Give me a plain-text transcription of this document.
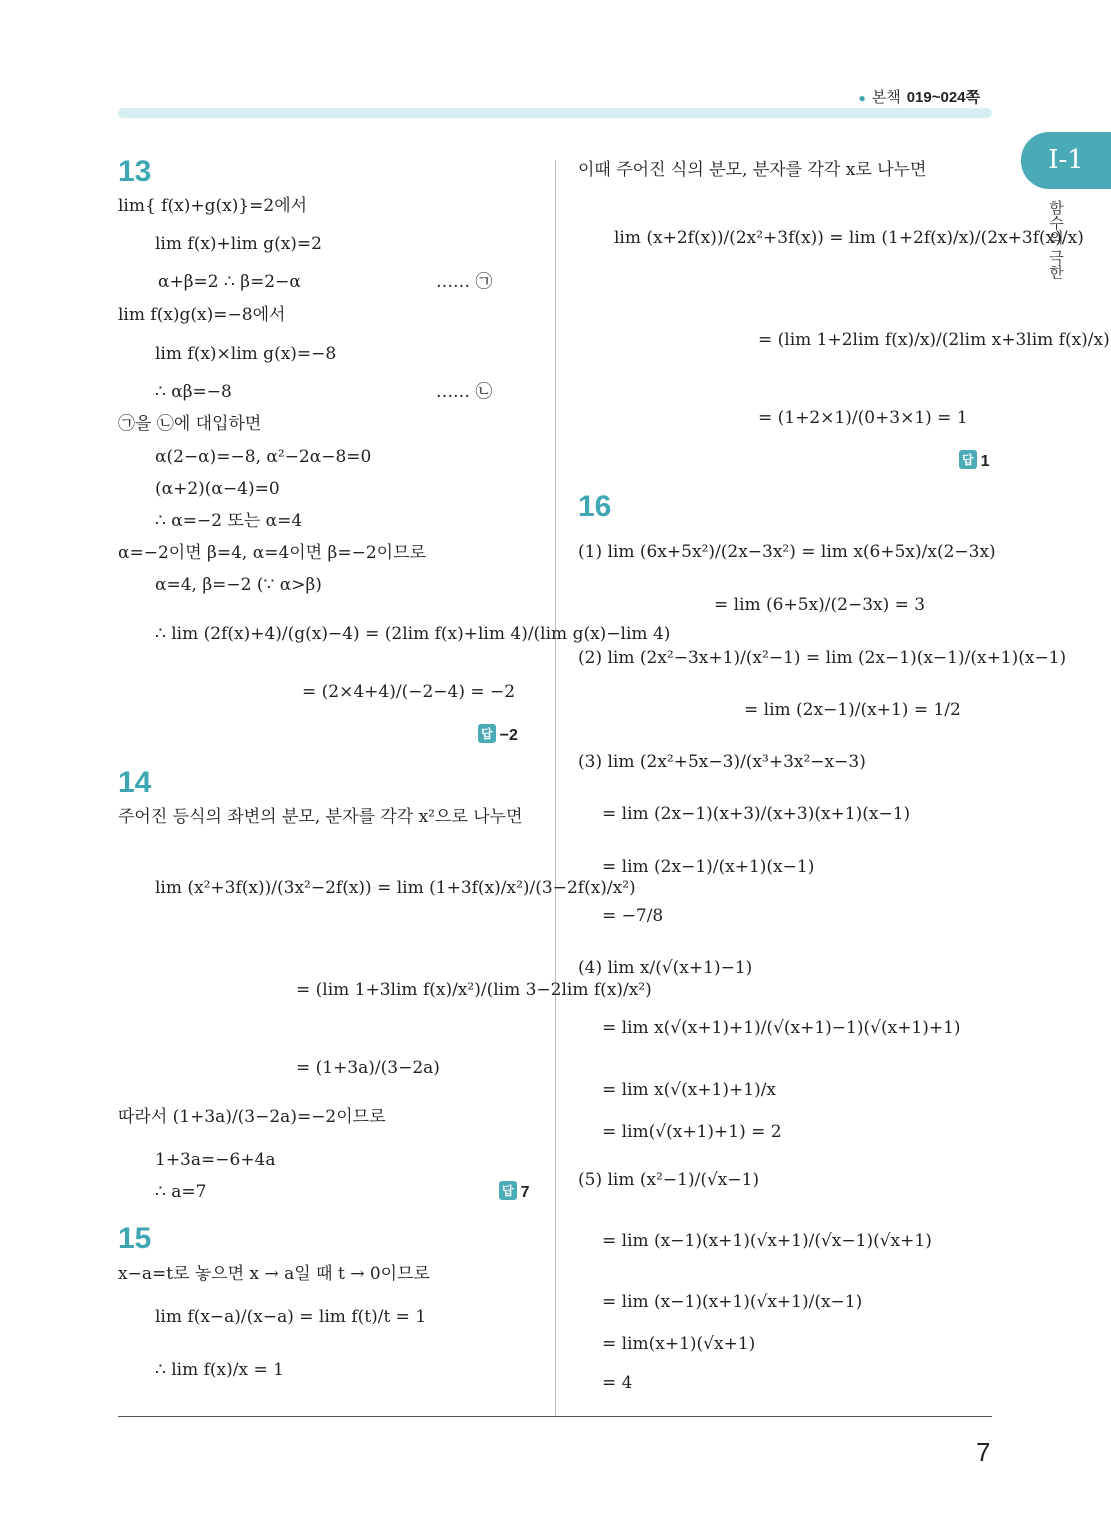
● 본책 019~024쪽
Ⅰ-1
함수의 극한
7
13
lim{ f(x)+g(x)}=2에서
lim f(x)+lim g(x)=2
α+β=2 ∴ β=2−α	…… ㉠
lim f(x)g(x)=−8에서
lim f(x)×lim g(x)=−8
∴ αβ=−8	…… ㉡
㉠을 ㉡에 대입하면
α(2−α)=−8, α²−2α−8=0
(α+2)(α−4)=0
∴ α=−2 또는 α=4
α=−2이면 β=4, α=4이면 β=−2이므로
α=4, β=−2 (∵ α>β)
∴ lim (2f(x)+4)/(g(x)−4) = (2lim f(x)+lim 4)/(lim g(x)−lim 4)
= (2×4+4)/(−2−4) = −2
답 −2
14
주어진 등식의 좌변의 분모, 분자를 각각 x²으로 나누면
lim (x²+3f(x))/(3x²−2f(x)) = lim (1+3f(x)/x²)/(3−2f(x)/x²)
= (lim 1+3lim f(x)/x²)/(lim 3−2lim f(x)/x²)
= (1+3a)/(3−2a)
따라서 (1+3a)/(3−2a)=−2이므로
1+3a=−6+4a
∴ a=7	답 7
15
x−a=t로 놓으면 x → a일 때 t → 0이므로
lim f(x−a)/(x−a) = lim f(t)/t = 1
∴ lim f(x)/x = 1
이때 주어진 식의 분모, 분자를 각각 x로 나누면
lim (x+2f(x))/(2x²+3f(x)) = lim (1+2f(x)/x)/(2x+3f(x)/x)
= (lim 1+2lim f(x)/x)/(2lim x+3lim f(x)/x)
= (1+2×1)/(0+3×1) = 1
답 1
16
(1) lim (6x+5x²)/(2x−3x²) = lim x(6+5x)/x(2−3x)
= lim (6+5x)/(2−3x) = 3
(2) lim (2x²−3x+1)/(x²−1) = lim (2x−1)(x−1)/(x+1)(x−1)
= lim (2x−1)/(x+1) = 1/2
(3) lim (2x²+5x−3)/(x³+3x²−x−3)
= lim (2x−1)(x+3)/(x+3)(x+1)(x−1)
= lim (2x−1)/(x+1)(x−1)
= −7/8
(4) lim x/(√(x+1)−1)
= lim x(√(x+1)+1)/(√(x+1)−1)(√(x+1)+1)
= lim x(√(x+1)+1)/x
= lim(√(x+1)+1) = 2
(5) lim (x²−1)/(√x−1)
= lim (x−1)(x+1)(√x+1)/(√x−1)(√x+1)
= lim (x−1)(x+1)(√x+1)/(x−1)
= lim(x+1)(√x+1)
= 4
